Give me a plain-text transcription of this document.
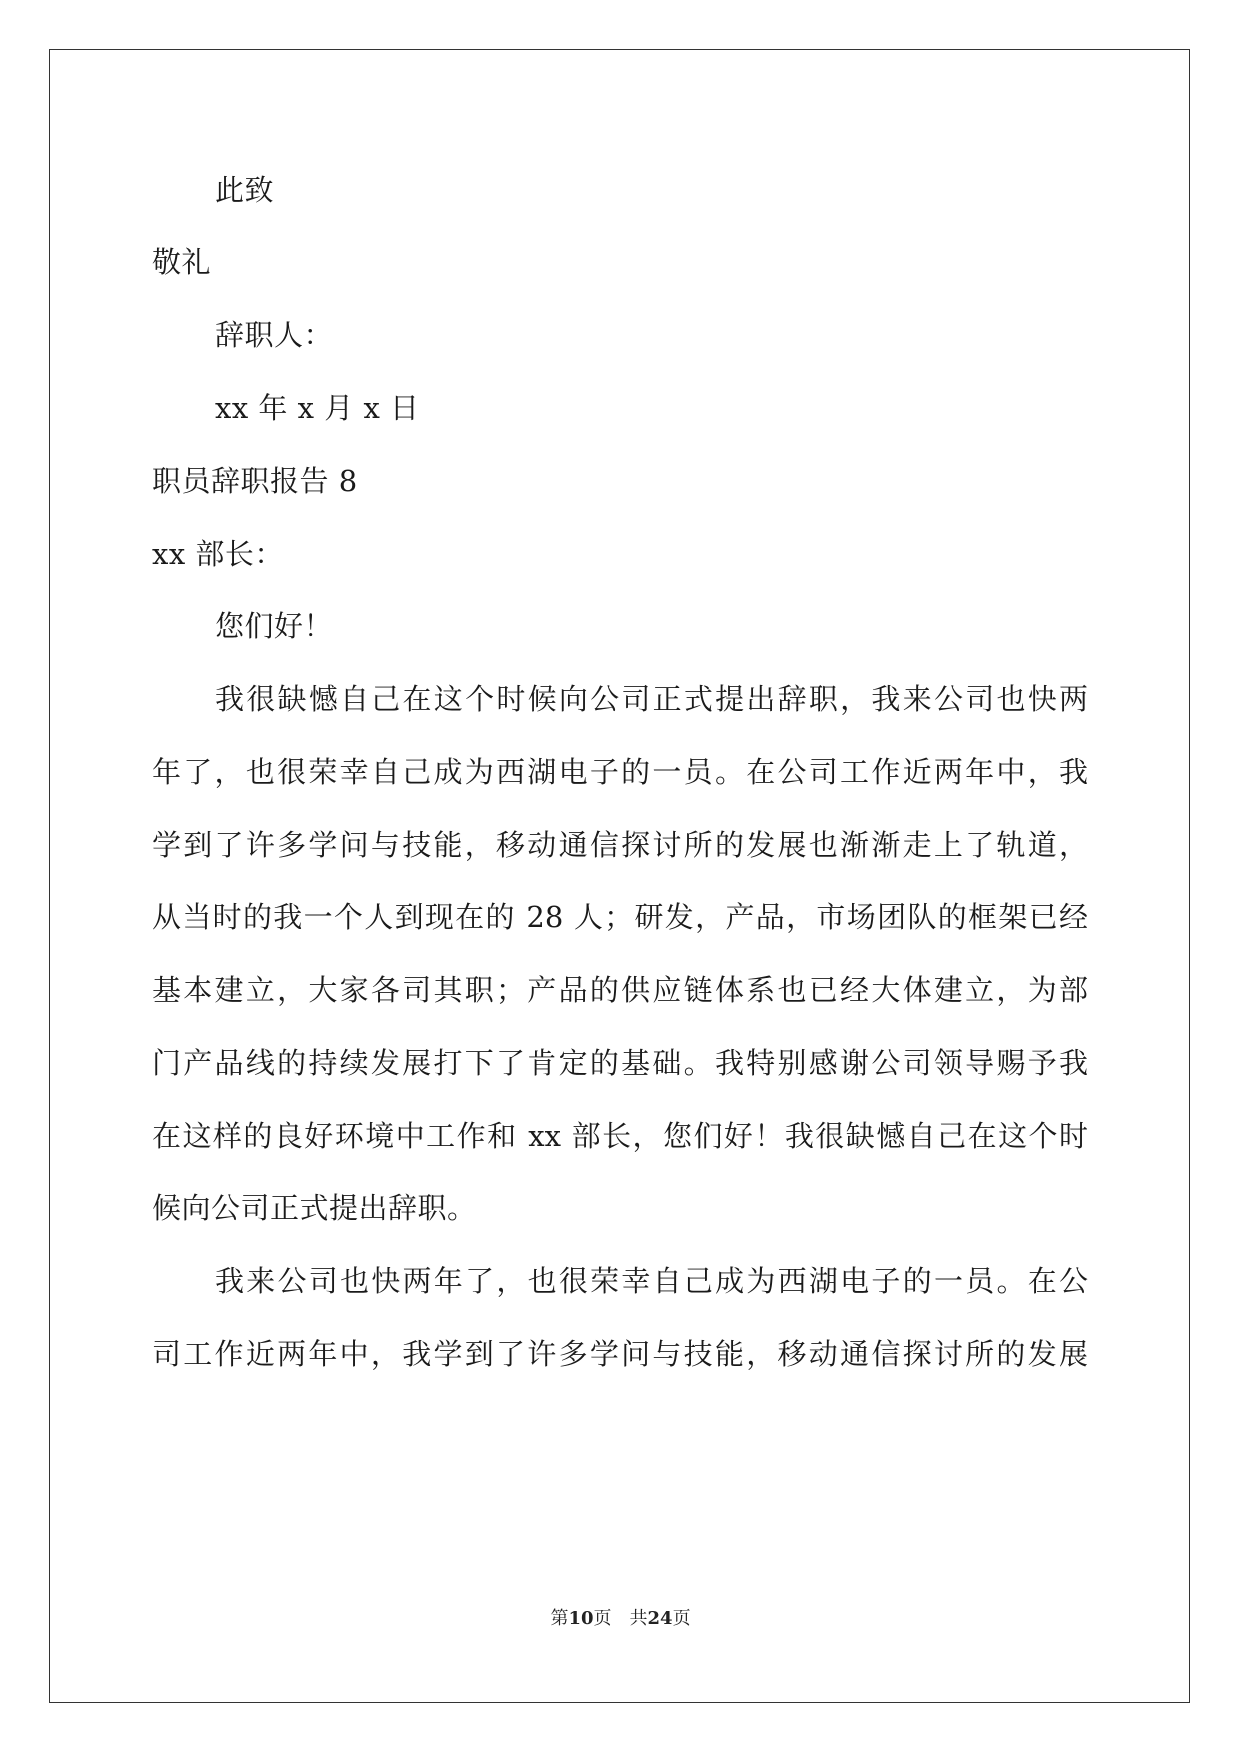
此致
敬礼
辞职人：
xx 年 x 月 x 日
职员辞职报告 8
xx 部长：
您们好！
我很缺憾自己在这个时候向公司正式提出辞职，我来公司也快两
年了，也很荣幸自己成为西湖电子的一员。在公司工作近两年中，我
学到了许多学问与技能，移动通信探讨所的发展也渐渐走上了轨道，
从当时的我一个人到现在的 28 人；研发，产品，市场团队的框架已经
基本建立，大家各司其职；产品的供应链体系也已经大体建立，为部
门产品线的持续发展打下了肯定的基础。我特别感谢公司领导赐予我
在这样的良好环境中工作和 xx 部长，您们好！我很缺憾自己在这个时
候向公司正式提出辞职。
我来公司也快两年了，也很荣幸自己成为西湖电子的一员。在公
司工作近两年中，我学到了许多学问与技能，移动通信探讨所的发展
第10页　共24页
